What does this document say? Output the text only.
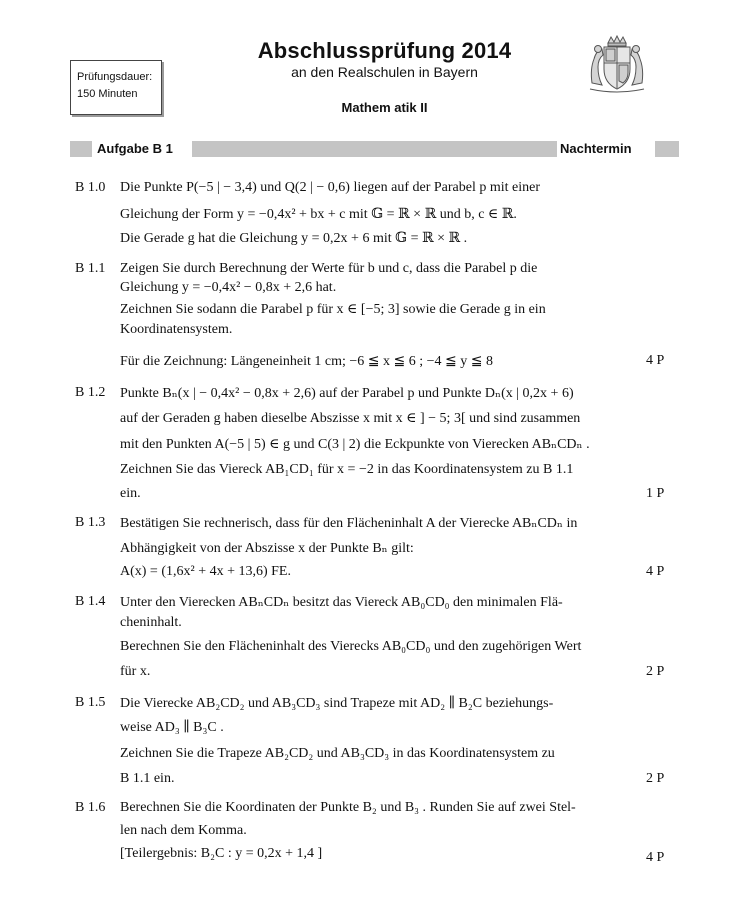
Abschlussprüfung 2014
an den Realschulen in Bayern
Mathem atik II
Prüfungsdauer:
150 Minuten
Aufgabe B 1	Nachtermin
B 1.0 Die Punkte P(−5 | − 3,4) und Q(2 | − 0,6) liegen auf der Parabel p mit einer
Gleichung der Form y = −0,4x² + bx + c mit 𝔾 = ℝ × ℝ und b, c ∈ ℝ.
Die Gerade g hat die Gleichung y = 0,2x + 6 mit 𝔾 = ℝ × ℝ .
B 1.1 Zeigen Sie durch Berechnung der Werte für b und c, dass die Parabel p die
Gleichung y = −0,4x² − 0,8x + 2,6 hat.
Zeichnen Sie sodann die Parabel p für x ∈ [−5; 3] sowie die Gerade g in ein
Koordinatensystem.
Für die Zeichnung: Längeneinheit 1 cm; −6 ≦ x ≦ 6 ; −4 ≦ y ≦ 8	4 P
B 1.2 Punkte Bₙ(x | − 0,4x² − 0,8x + 2,6) auf der Parabel p und Punkte Dₙ(x | 0,2x + 6)
auf der Geraden g haben dieselbe Abszisse x mit x ∈ ] − 5; 3[ und sind zusammen
mit den Punkten A(−5 | 5) ∈ g und C(3 | 2) die Eckpunkte von Vierecken ABₙCDₙ .
Zeichnen Sie das Viereck AB₁CD₁ für x = −2 in das Koordinatensystem zu B 1.1
ein.	1 P
B 1.3 Bestätigen Sie rechnerisch, dass für den Flächeninhalt A der Vierecke ABₙCDₙ in
Abhängigkeit von der Abszisse x der Punkte Bₙ gilt:
A(x) = (1,6x² + 4x + 13,6) FE.	4 P
B 1.4 Unter den Vierecken ABₙCDₙ besitzt das Viereck AB₀CD₀ den minimalen Flä-
cheninhalt.
Berechnen Sie den Flächeninhalt des Vierecks AB₀CD₀ und den zugehörigen Wert
für x.	2 P
B 1.5 Die Vierecke AB₂CD₂ und AB₃CD₃ sind Trapeze mit AD₂ ∥ B₂C beziehungs-
weise AD₃ ∥ B₃C .
Zeichnen Sie die Trapeze AB₂CD₂ und AB₃CD₃ in das Koordinatensystem zu
B 1.1 ein.	2 P
B 1.6 Berechnen Sie die Koordinaten der Punkte B₂ und B₃ . Runden Sie auf zwei Stel-
len nach dem Komma.
[Teilergebnis: B₂C : y = 0,2x + 1,4 ]	4 P
